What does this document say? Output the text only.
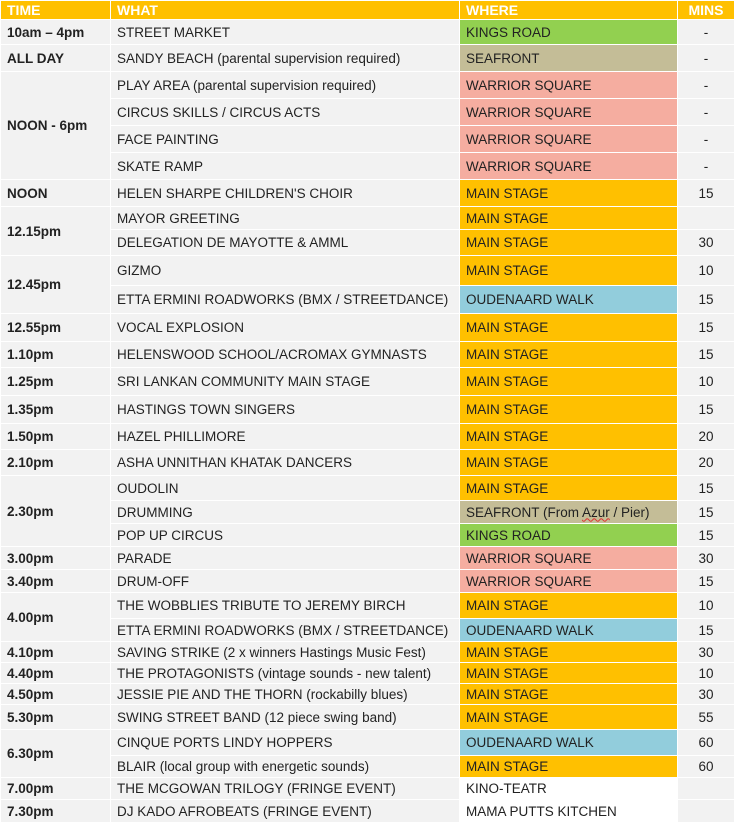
TIME	WHAT	WHERE	MINS
10am – 4pm	STREET MARKET	KINGS ROAD	-
ALL DAY	SANDY BEACH (parental supervision required)	SEAFRONT	-
NOON - 6pm	PLAY AREA (parental supervision required)	WARRIOR SQUARE	-
	CIRCUS SKILLS / CIRCUS ACTS	WARRIOR SQUARE	-
	FACE PAINTING	WARRIOR SQUARE	-
	SKATE RAMP	WARRIOR SQUARE	-
NOON	HELEN SHARPE CHILDREN'S CHOIR	MAIN STAGE	15
12.15pm	MAYOR GREETING	MAIN STAGE	
	DELEGATION DE MAYOTTE & AMML	MAIN STAGE	30
12.45pm	GIZMO	MAIN STAGE	10
	ETTA ERMINI ROADWORKS (BMX / STREETDANCE)	OUDENAARD WALK	15
12.55pm	VOCAL EXPLOSION	MAIN STAGE	15
1.10pm	HELENSWOOD SCHOOL/ACROMAX GYMNASTS	MAIN STAGE	15
1.25pm	SRI LANKAN COMMUNITY MAIN STAGE	MAIN STAGE	10
1.35pm	HASTINGS TOWN SINGERS	MAIN STAGE	15
1.50pm	HAZEL PHILLIMORE	MAIN STAGE	20
2.10pm	ASHA UNNITHAN KHATAK DANCERS	MAIN STAGE	20
2.30pm	OUDOLIN	MAIN STAGE	15
	DRUMMING	SEAFRONT (From Azur / Pier)	15
	POP UP CIRCUS	KINGS ROAD	15
3.00pm	PARADE	WARRIOR SQUARE	30
3.40pm	DRUM-OFF	WARRIOR SQUARE	15
4.00pm	THE WOBBLIES TRIBUTE TO JEREMY BIRCH	MAIN STAGE	10
	ETTA ERMINI ROADWORKS (BMX / STREETDANCE)	OUDENAARD WALK	15
4.10pm	SAVING STRIKE (2 x winners Hastings Music Fest)	MAIN STAGE	30
4.40pm	THE PROTAGONISTS (vintage sounds - new talent)	MAIN STAGE	10
4.50pm	JESSIE PIE AND THE THORN (rockabilly blues)	MAIN STAGE	30
5.30pm	SWING STREET BAND (12 piece swing band)	MAIN STAGE	55
6.30pm	CINQUE PORTS LINDY HOPPERS	OUDENAARD WALK	60
	BLAIR (local group with energetic sounds)	MAIN STAGE	60
7.00pm	THE MCGOWAN TRILOGY (FRINGE EVENT)	KINO-TEATR	
7.30pm	DJ KADO AFROBEATS (FRINGE EVENT)	MAMA PUTTS KITCHEN	
